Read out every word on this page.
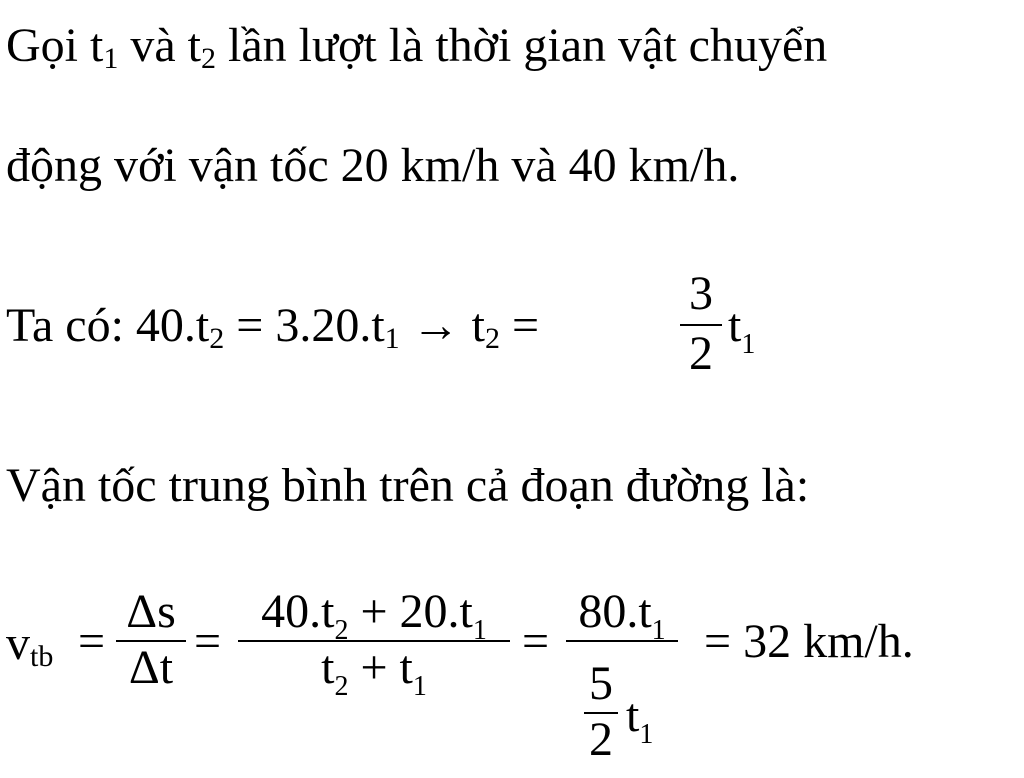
Gọi t1 và t2 lần lượt là thời gian vật chuyển
động với vận tốc 20 km/h và 40 km/h.
Ta có: 40.t2 = 3.20.t1 → t2 =
3
2
$t_1$
Vận tốc trung bình trên cả đoạn đường là:
vtb =
Δs
Δt =
$40.t_2 + 20.t_1$
$t_2 + t_1$
=
$80.t_1$
5
2 $t_1$
= 32 km/h.
